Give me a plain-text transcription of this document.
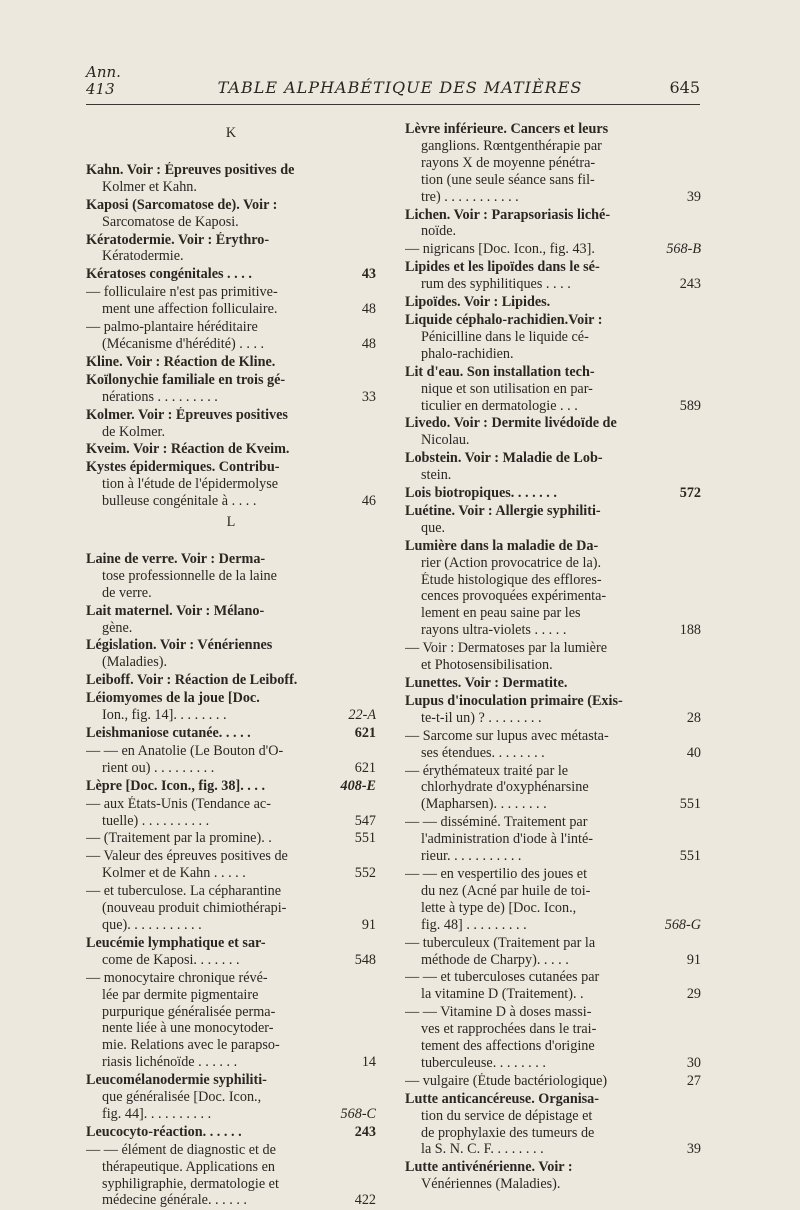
Ann.
413	TABLE ALPHABÉTIQUE DES MATIÈRES	645
K
Kahn. Voir : Épreuves positives de
Kolmer et Kahn.
Kaposi (Sarcomatose de). Voir :
Sarcomatose de Kaposi.
Kératodermie. Voir : Érythro-
Kératodermie.
Kératoses congénitales . . . .	43
— folliculaire n'est pas primitive-
ment une affection folliculaire.	48
— palmo-plantaire héréditaire
(Mécanisme d'hérédité) . . . .	48
Kline. Voir : Réaction de Kline.
Koïlonychie familiale en trois gé-
nérations . . . . . . . . .	33
Kolmer. Voir : Épreuves positives
de Kolmer.
Kveim. Voir : Réaction de Kveim.
Kystes épidermiques. Contribu-
tion à l'étude de l'épidermolyse
bulleuse congénitale à . . . .	46
L
Laine de verre. Voir : Derma-
tose professionnelle de la laine
de verre.
Lait maternel. Voir : Mélano-
gène.
Législation. Voir : Vénériennes
(Maladies).
Leiboff. Voir : Réaction de Leiboff.
Léiomyomes de la joue [Doc.
Ion., fig. 14]. . . . . . . .	22-A
Leishmaniose cutanée. . . . .	621
— — en Anatolie (Le Bouton d'O-
rient ou) . . . . . . . . .	621
Lèpre [Doc. Icon., fig. 38]. . . .	408-E
— aux États-Unis (Tendance ac-
tuelle) . . . . . . . . . .	547
— (Traitement par la promine). .	551
— Valeur des épreuves positives de
Kolmer et de Kahn . . . . .	552
— et tuberculose. La cépharantine
(nouveau produit chimiothérapi-
que). . . . . . . . . . .	91
Leucémie lymphatique et sar-
come de Kaposi. . . . . . .	548
— monocytaire chronique révé-
lée par dermite pigmentaire
purpurique généralisée perma-
nente liée à une monocytoder-
mie. Relations avec le parapso-
riasis lichénoïde . . . . . .	14
Leucomélanodermie syphiliti-
que généralisée [Doc. Icon.,
fig. 44]. . . . . . . . . .	568-C
Leucocyto-réaction. . . . . .	243
— — élément de diagnostic et de
thérapeutique. Applications en
syphiligraphie, dermatologie et
médecine générale. . . . . .	422
Lèvre inférieure. Cancers et leurs
ganglions. Rœntgenthérapie par
rayons X de moyenne pénétra-
tion (une seule séance sans fil-
tre) . . . . . . . . . . .	39
Lichen. Voir : Parapsoriasis liché-
noïde.
— nigricans [Doc. Icon., fig. 43].	568-B
Lipides et les lipoïdes dans le sé-
rum des syphilitiques . . . .	243
Lipoïdes. Voir : Lipides.
Liquide céphalo-rachidien.Voir :
Pénicilline dans le liquide cé-
phalo-rachidien.
Lit d'eau. Son installation tech-
nique et son utilisation en par-
ticulier en dermatologie . . .	589
Livedo. Voir : Dermite livédoïde de
Nicolau.
Lobstein. Voir : Maladie de Lob-
stein.
Lois biotropiques. . . . . . .	572
Luétine. Voir : Allergie syphiliti-
que.
Lumière dans la maladie de Da-
rier (Action provocatrice de la).
Étude histologique des efflores-
cences provoquées expérimenta-
lement en peau saine par les
rayons ultra-violets . . . . .	188
— Voir : Dermatoses par la lumière
et Photosensibilisation.
Lunettes. Voir : Dermatite.
Lupus d'inoculation primaire (Exis-
te-t-il un) ? . . . . . . . .	28
— Sarcome sur lupus avec métasta-
ses étendues. . . . . . . .	40
— érythémateux traité par le
chlorhydrate d'oxyphénarsine
(Mapharsen). . . . . . . .	551
— — disséminé. Traitement par
l'administration d'iode à l'inté-
rieur. . . . . . . . . . .	551
— — en vespertilio des joues et
du nez (Acné par huile de toi-
lette à type de) [Doc. Icon.,
fig. 48] . . . . . . . . .	568-G
— tuberculeux (Traitement par la
méthode de Charpy). . . . .	91
— — et tuberculoses cutanées par
la vitamine D (Traitement). .	29
— — Vitamine D à doses massi-
ves et rapprochées dans le trai-
tement des affections d'origine
tuberculeuse. . . . . . . .	30
— vulgaire (Étude bactériologique)	27
Lutte anticancéreuse. Organisa-
tion du service de dépistage et
de prophylaxie des tumeurs de
la S. N. C. F. . . . . . . .	39
Lutte antivénérienne. Voir :
Vénériennes (Maladies).
